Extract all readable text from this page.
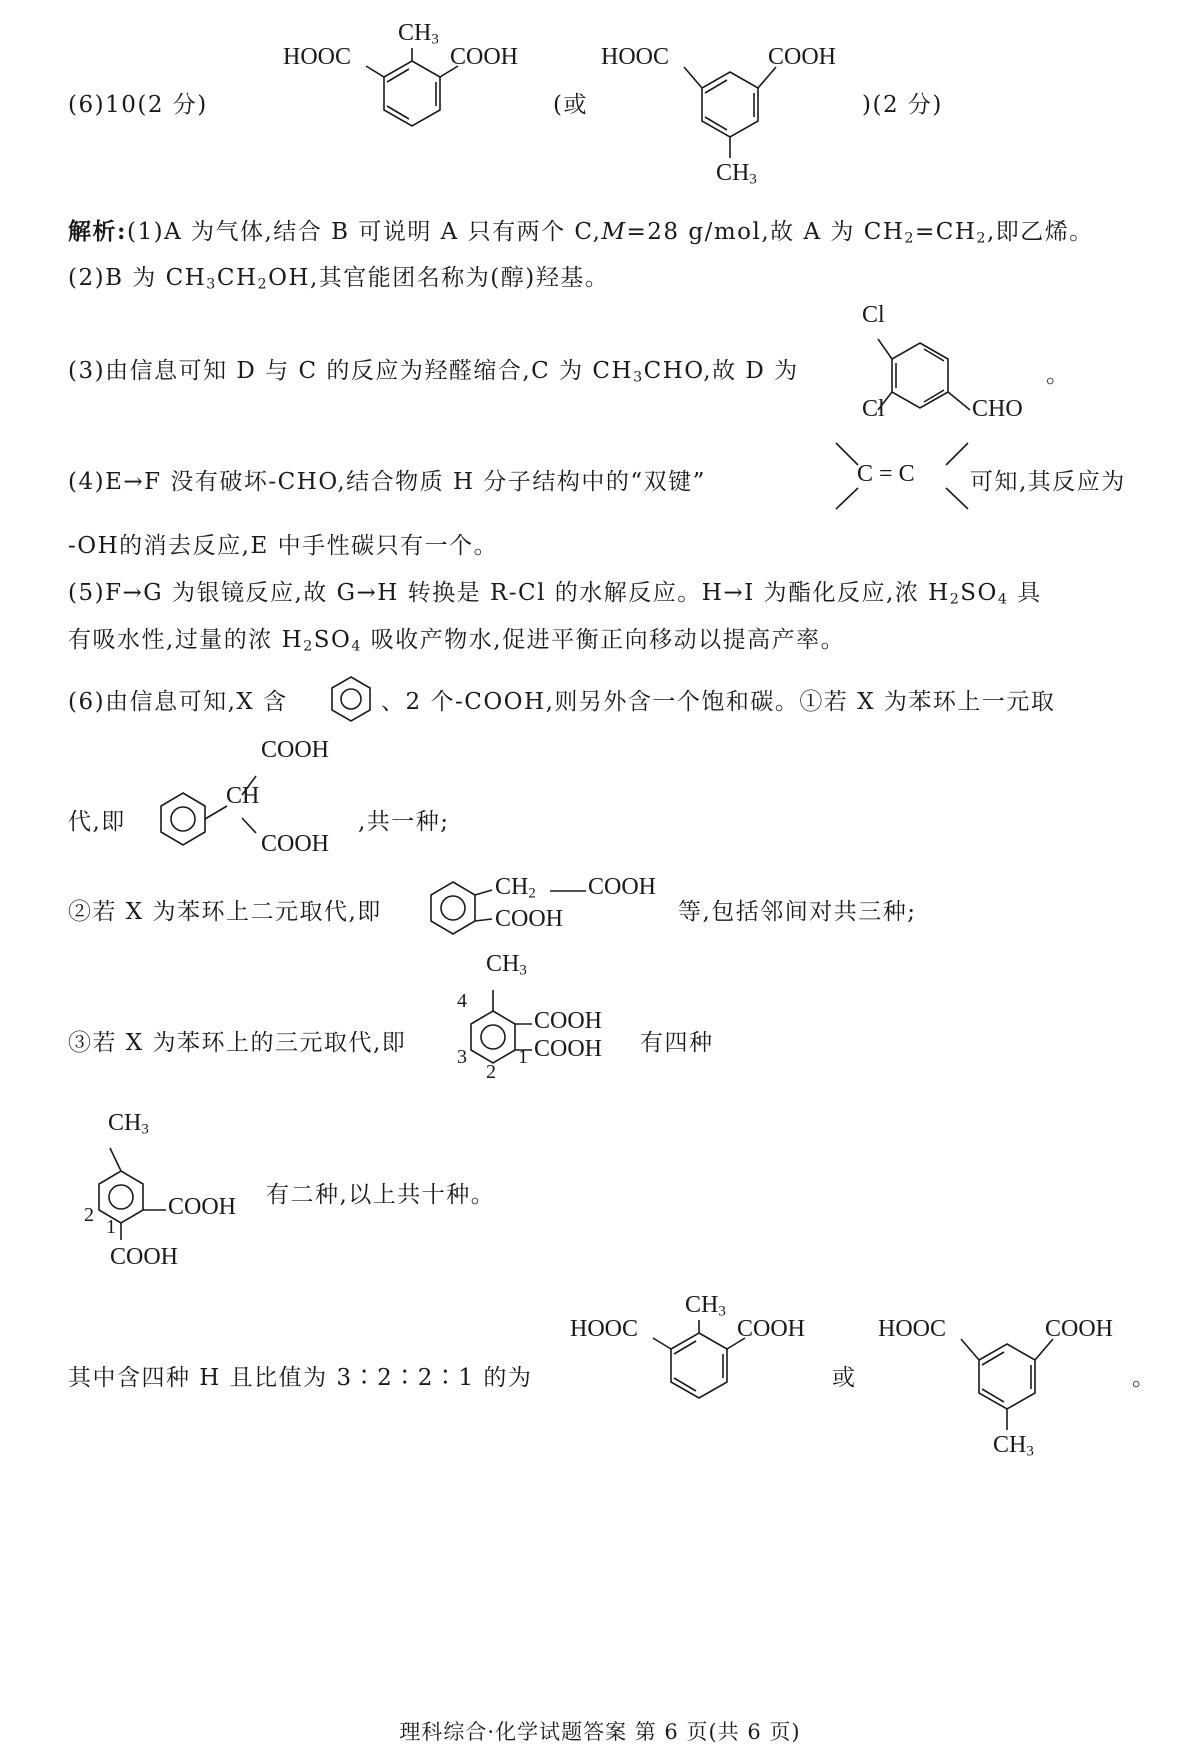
(6)10(2 分)	(或	)(2 分)
$CH_3$
HOOC	COOH	HOOC	COOH
$CH_3$
解析:(1)A 为气体,结合 B 可说明 A 只有两个 C,M=28 g/mol,故 A 为 $CH_2=CH_2$,即乙烯。
(2)B 为 $CH_3CH_2OH$,其官能团名称为(醇)羟基。
(3)由信息可知 D 与 C 的反应为羟醛缩合,C 为 $CH_3CHO$,故 D 为	。
Cl
Cl	CHO
(4)E→F 没有破坏-CHO,结合物质 H 分子结构中的“双键”	C = C 可知,其反应为
-OH的消去反应,E 中手性碳只有一个。
(5)F→G 为银镜反应,故 G→H 转换是 R-Cl 的水解反应。H→I 为酯化反应,浓 $H_2SO_4$ 具
有吸水性,过量的浓 $H_2SO_4$ 吸收产物水,促进平衡正向移动以提高产率。
(6)由信息可知,X 含	、2 个-COOH,则另外含一个饱和碳。①若 X 为苯环上一元取
代,即
COOH
CH
COOH
,共一种;
②若 X 为苯环上二元取代,即
$CH_2$ COOH
COOH	等,包括邻间对共三种;
③若 X 为苯环上的三元取代,即
$CH_3$
COOH
COOH
4
3
2
1
有四种
$CH_3$
COOH
2
1
COOH
有二种,以上共十种。
其中含四种 H 且比值为 3∶2∶2∶1 的为
$CH_3$
HOOC	COOH
或
HOOC	COOH
$CH_3$
。
理科综合·化学试题答案 第 6 页(共 6 页)
